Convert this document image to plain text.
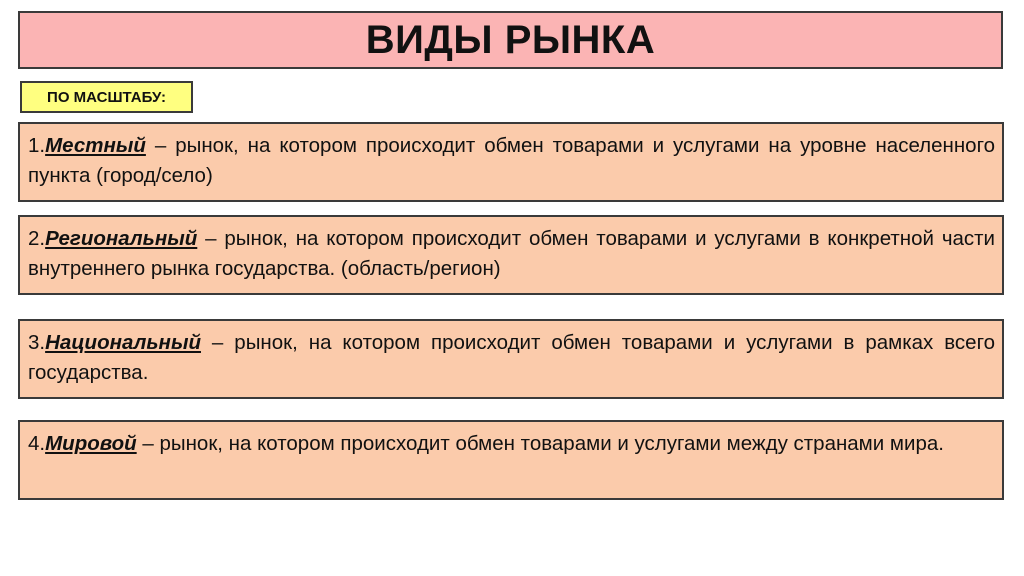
ВИДЫ РЫНКА
ПО МАСШТАБУ:
1.Местный – рынок, на котором происходит обмен товарами и услугами на уровне населенного пункта (город/село)
2.Региональный – рынок, на котором происходит обмен товарами и услугами в конкретной части внутреннего рынка государства. (область/регион)
3.Национальный – рынок, на котором происходит обмен товарами и услугами в рамках всего государства.
4.Мировой – рынок, на котором происходит обмен товарами и услугами между странами мира.
